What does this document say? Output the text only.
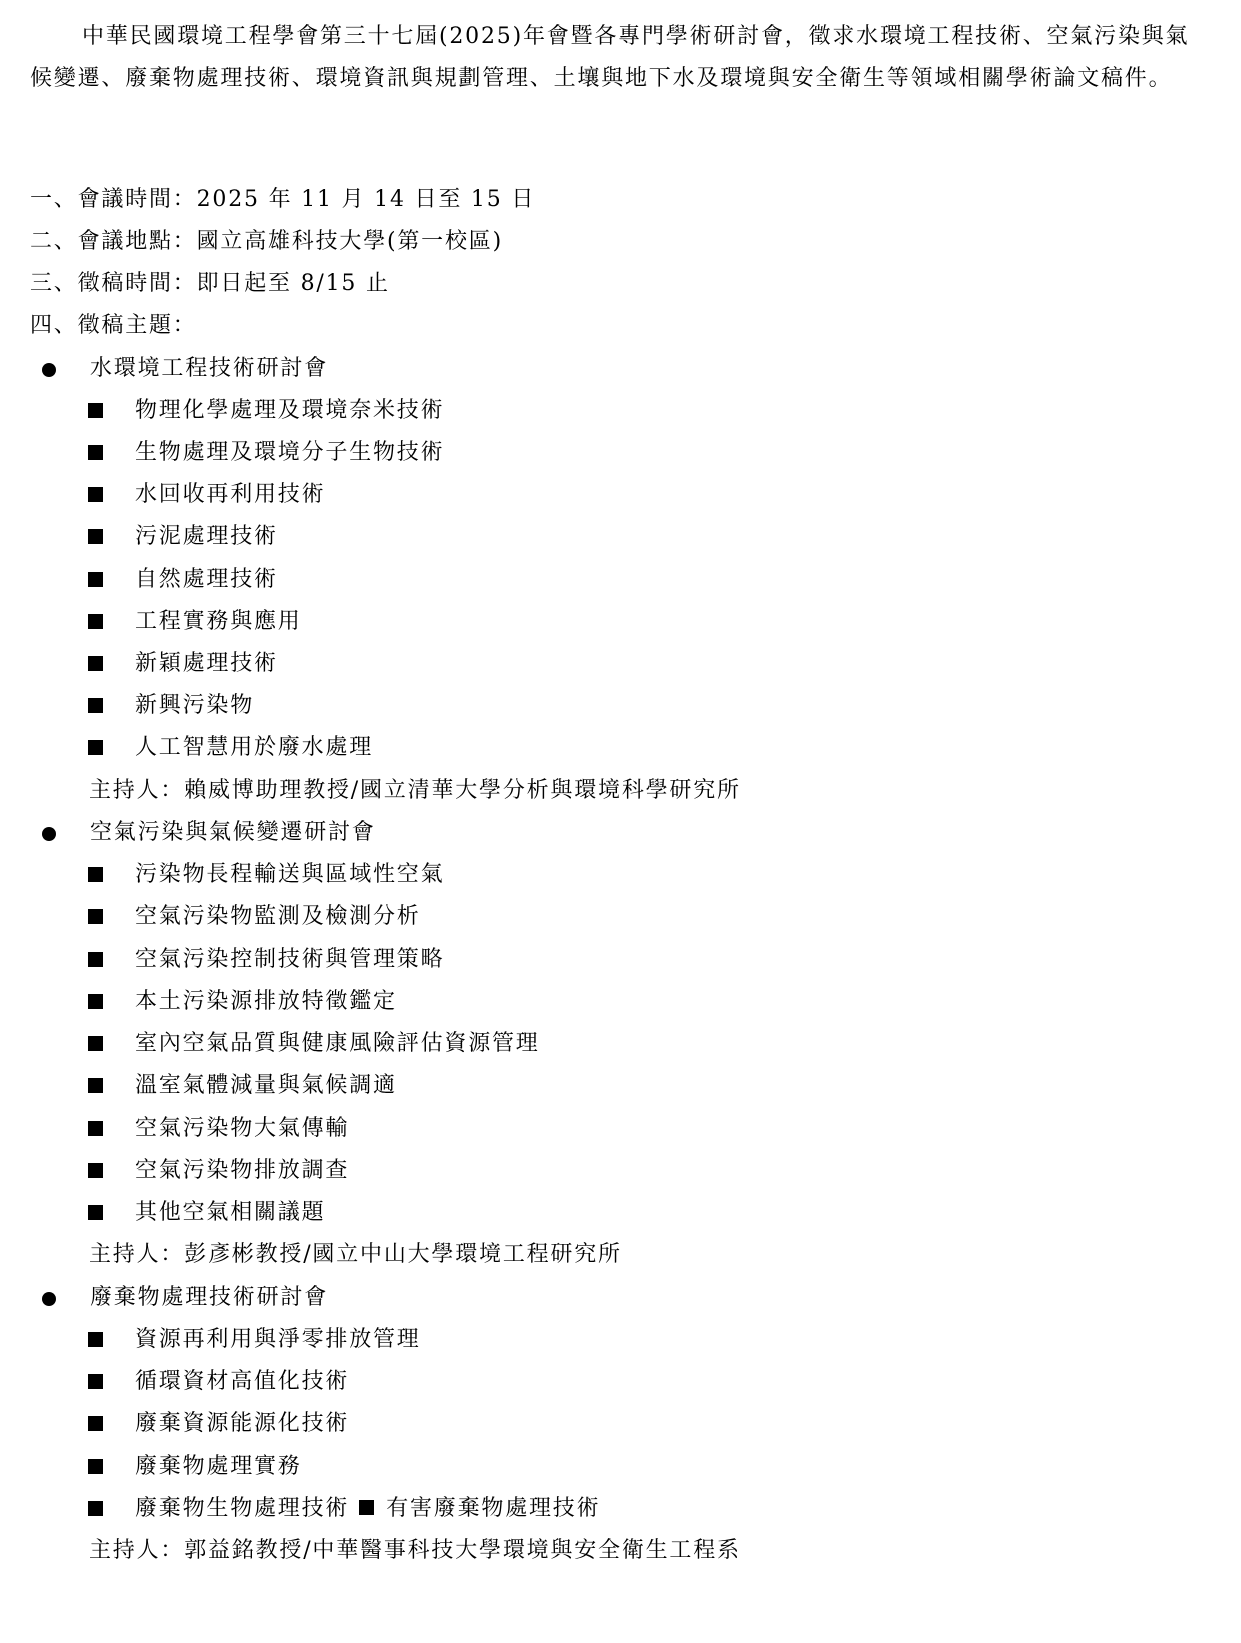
中華民國環境工程學會第三十七屆(2025)年會暨各專門學術研討會，徵求水環境工程技術、空氣污染與氣候變遷、廢棄物處理技術、環境資訊與規劃管理、土壤與地下水及環境與安全衛生等領域相關學術論文稿件。

一、會議時間：2025 年 11 月 14 日至 15 日

二、會議地點：國立高雄科技大學(第一校區)

三、徵稿時間：即日起至 8/15 止

四、徵稿主題：

水環境工程技術研討會
物理化學處理及環境奈米技術
生物處理及環境分子生物技術
水回收再利用技術
污泥處理技術
自然處理技術
工程實務與應用
新穎處理技術
新興污染物
人工智慧用於廢水處理
主持人：賴威博助理教授/國立清華大學分析與環境科學研究所
空氣污染與氣候變遷研討會
污染物長程輸送與區域性空氣
空氣污染物監測及檢測分析
空氣污染控制技術與管理策略
本土污染源排放特徵鑑定
室內空氣品質與健康風險評估資源管理
溫室氣體減量與氣候調適
空氣污染物大氣傳輸
空氣污染物排放調查
其他空氣相關議題
主持人：彭彥彬教授/國立中山大學環境工程研究所
廢棄物處理技術研討會
資源再利用與淨零排放管理
循環資材高值化技術
廢棄資源能源化技術
廢棄物處理實務
廢棄物生物處理技術 有害廢棄物處理技術
主持人：郭益銘教授/中華醫事科技大學環境與安全衛生工程系
